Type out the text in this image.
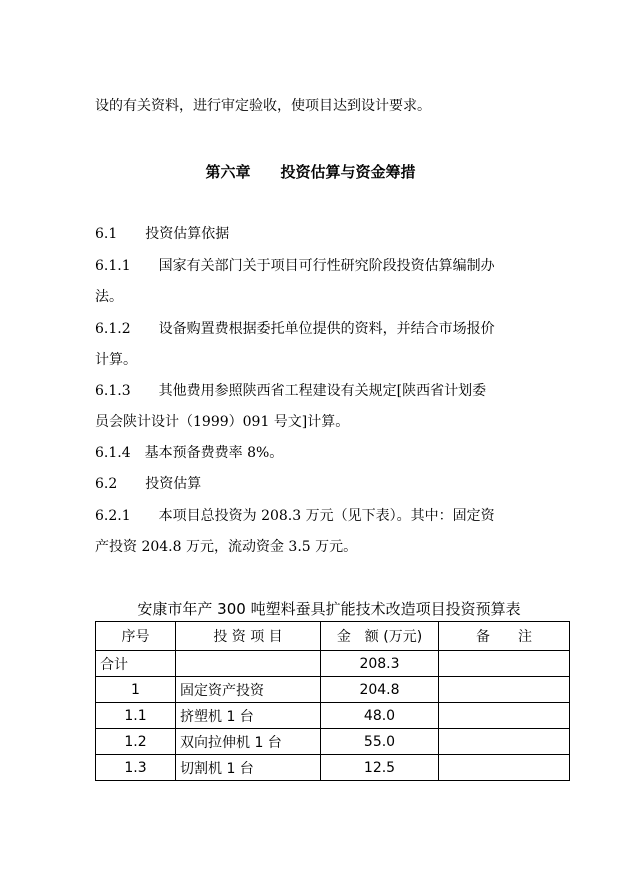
设的有关资料，进行审定验收，使项目达到设计要求。
第六章　　投资估算与资金筹措
6.1　　投资估算依据
6.1.1　　国家有关部门关于项目可行性研究阶段投资估算编制办
法。
6.1.2　　设备购置费根据委托单位提供的资料，并结合市场报价
计算。
6.1.3　　其他费用参照陕西省工程建设有关规定[陕西省计划委
员会陕计设计（1999）091 号文]计算。
6.1.4　基本预备费费率 8%。
6.2　　投资估算
6.2.1　　本项目总投资为 208.3 万元（见下表）。其中：固定资
产投资 204.8 万元，流动资金 3.5 万元。
安康市年产 300 吨塑料蚕具扩能技术改造项目投资预算表
序号	投 资 项 目	金　额 (万元)	备　　注
合计		208.3	
1	固定资产投资	204.8	
1.1	挤塑机 1 台	48.0	
1.2	双向拉伸机 1 台	55.0	
1.3	切割机 1 台	12.5	
